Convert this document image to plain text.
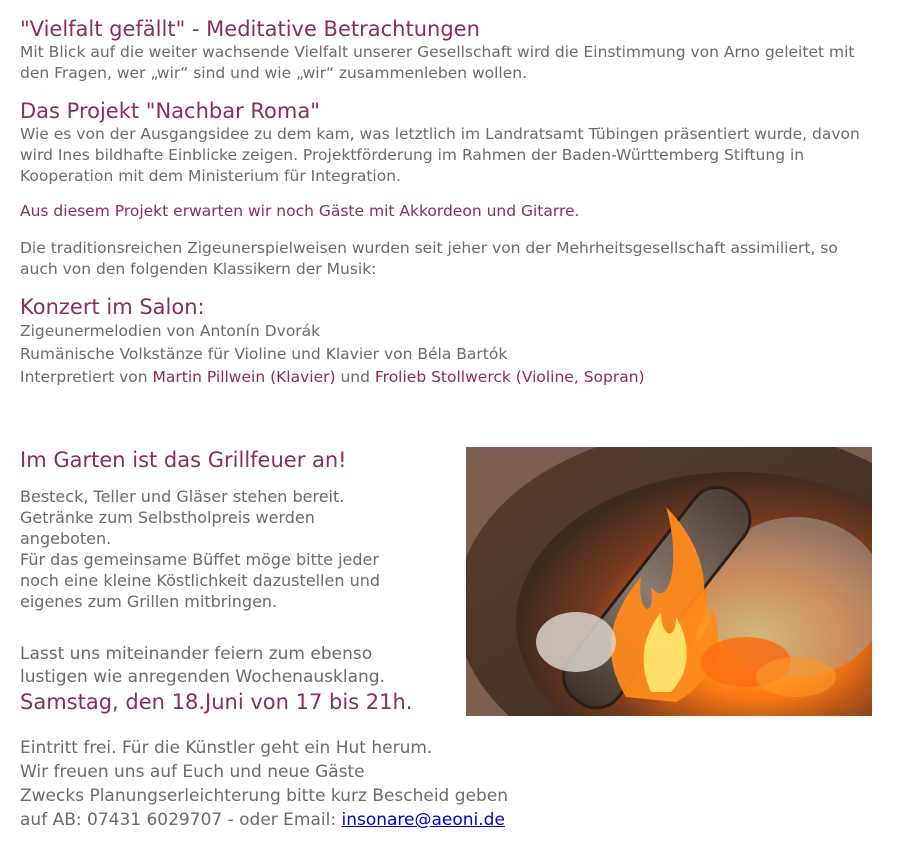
"Vielfalt gefällt" - Meditative Betrachtungen

Mit Blick auf die weiter wachsende Vielfalt unserer Gesellschaft wird die Einstimmung von Arno geleitet mit den Fragen, wer „wir“ sind und wie „wir“ zusammenleben wollen.

Das Projekt "Nachbar Roma"

Wie es von der Ausgangsidee zu dem kam, was letztlich im Landratsamt Tübingen präsentiert wurde, davon wird Ines bildhafte Einblicke zeigen. Projektförderung im Rahmen der Baden-Württemberg Stiftung in Kooperation mit dem Ministerium für Integration.

Aus diesem Projekt erwarten wir noch Gäste mit Akkordeon und Gitarre.

Die traditionsreichen Zigeunerspielweisen wurden seit jeher von der Mehrheitsgesellschaft assimiliert, so auch von den folgenden Klassikern der Musik:

Konzert im Salon:

Zigeunermelodien von Antonín Dvorák

Rumänische Volkstänze für Violine und Klavier von Béla Bartók

Interpretiert von Martin Pillwein (Klavier) und Frolieb Stollwerck (Violine, Sopran)

Im Garten ist das Grillfeuer an!
Besteck, Teller und Gläser stehen bereit.
Getränke zum Selbstholpreis werden
angeboten.
Für das gemeinsame Büffet möge bitte jeder
noch eine kleine Köstlichkeit dazustellen und
eigenes zum Grillen mitbringen.
Lasst uns miteinander feiern zum ebenso
lustigen wie anregenden Wochenausklang.
Samstag, den 18.Juni von 17 bis 21h.
Eintritt frei. Für die Künstler geht ein Hut herum.
Wir freuen uns auf Euch und neue Gäste
Zwecks Planungserleichterung bitte kurz Bescheid geben
auf AB: 07431 6029707 - oder Email: insonare@aeoni.de
